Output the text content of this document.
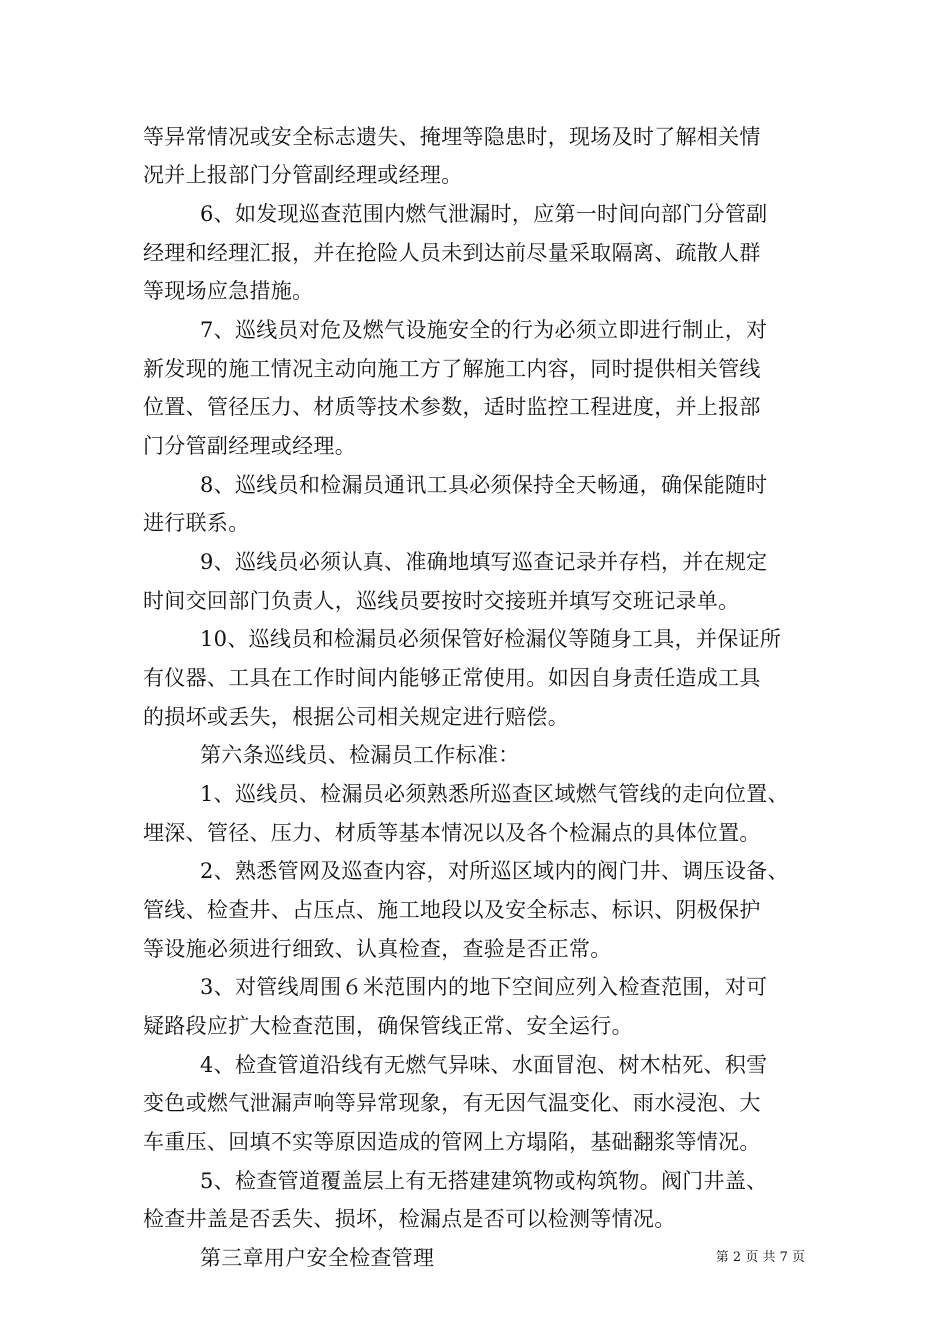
等异常情况或安全标志遗失、掩埋等隐患时，现场及时了解相关情
况并上报部门分管副经理或经理。
6、如发现巡查范围内燃气泄漏时，应第一时间向部门分管副
经理和经理汇报，并在抢险人员未到达前尽量采取隔离、疏散人群
等现场应急措施。
7、巡线员对危及燃气设施安全的行为必须立即进行制止，对
新发现的施工情况主动向施工方了解施工内容，同时提供相关管线
位置、管径压力、材质等技术参数，适时监控工程进度，并上报部
门分管副经理或经理。
8、巡线员和检漏员通讯工具必须保持全天畅通，确保能随时
进行联系。
9、巡线员必须认真、准确地填写巡查记录并存档，并在规定
时间交回部门负责人，巡线员要按时交接班并填写交班记录单。
10、巡线员和检漏员必须保管好检漏仪等随身工具，并保证所
有仪器、工具在工作时间内能够正常使用。如因自身责任造成工具
的损坏或丢失，根据公司相关规定进行赔偿。
第六条巡线员、检漏员工作标准：
1、巡线员、检漏员必须熟悉所巡查区域燃气管线的走向位置、
埋深、管径、压力、材质等基本情况以及各个检漏点的具体位置。
2、熟悉管网及巡查内容，对所巡区域内的阀门井、调压设备、
管线、检查井、占压点、施工地段以及安全标志、标识、阴极保护
等设施必须进行细致、认真检查，查验是否正常。
3、对管线周围６米范围内的地下空间应列入检查范围，对可
疑路段应扩大检查范围，确保管线正常、安全运行。
4、检查管道沿线有无燃气异味、水面冒泡、树木枯死、积雪
变色或燃气泄漏声响等异常现象，有无因气温变化、雨水浸泡、大
车重压、回填不实等原因造成的管网上方塌陷，基础翻浆等情况。
5、检查管道覆盖层上有无搭建建筑物或构筑物。阀门井盖、
检查井盖是否丢失、损坏，检漏点是否可以检测等情况。
第三章用户安全检查管理	第 2 页 共 7 页
